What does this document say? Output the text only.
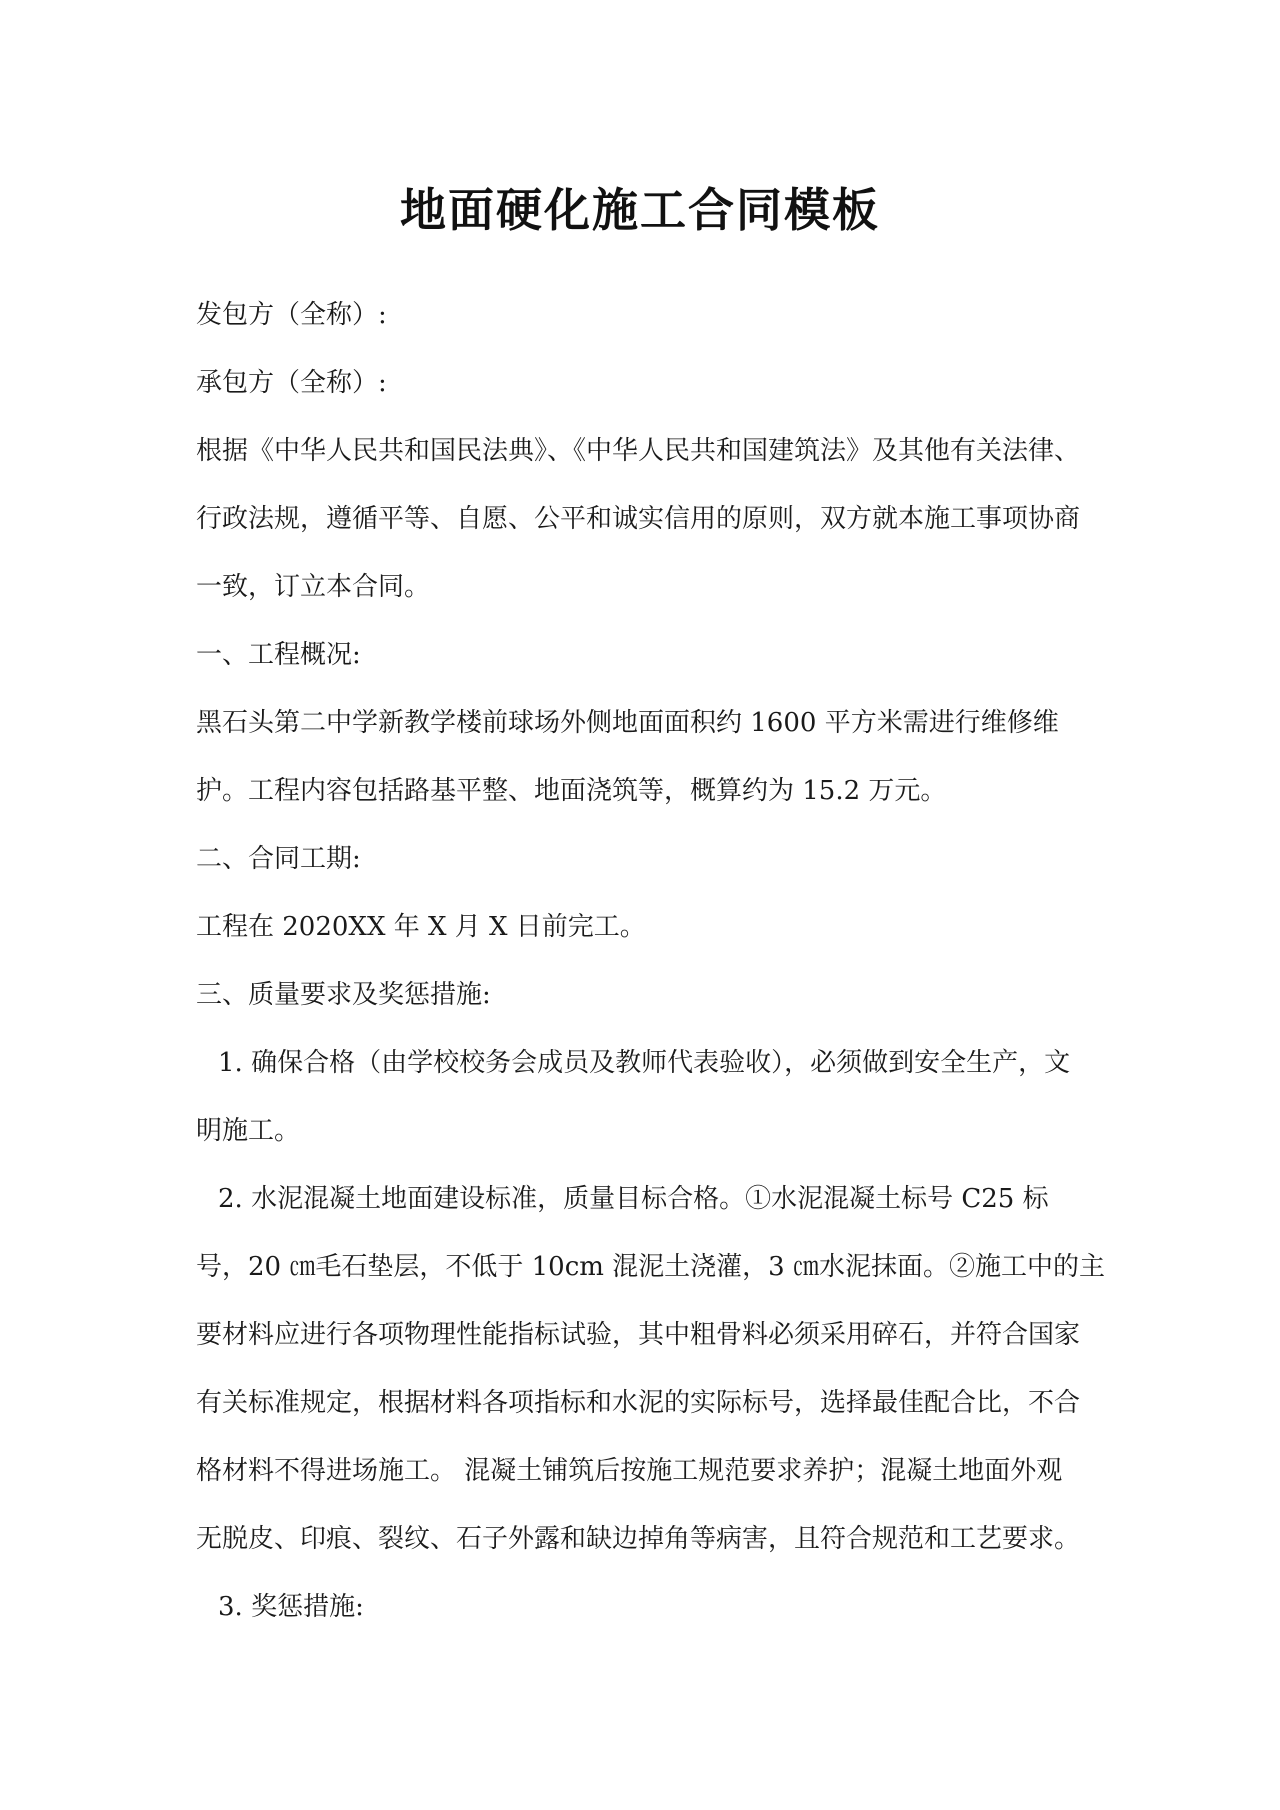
地面硬化施工合同模板
发包方（全称）:
承包方（全称）:
根据《中华人民共和国民法典》、《中华人民共和国建筑法》及其他有关法律、
行政法规，遵循平等、自愿、公平和诚实信用的原则，双方就本施工事项协商
一致，订立本合同。
一、工程概况:
黑石头第二中学新教学楼前球场外侧地面面积约 1600 平方米需进行维修维
护。工程内容包括路基平整、地面浇筑等，概算约为 15.2 万元。
二、合同工期:
工程在 2020XX 年 X 月 X 日前完工。
三、质量要求及奖惩措施:
1. 确保合格（由学校校务会成员及教师代表验收），必须做到安全生产，文
明施工。
2. 水泥混凝土地面建设标准，质量目标合格。①水泥混凝土标号 C25 标
号，20 ㎝毛石垫层，不低于 10cm 混泥土浇灌，3 ㎝水泥抹面。②施工中的主
要材料应进行各项物理性能指标试验，其中粗骨料必须采用碎石，并符合国家
有关标准规定，根据材料各项指标和水泥的实际标号，选择最佳配合比，不合
格材料不得进场施工。 混凝土铺筑后按施工规范要求养护；混凝土地面外观
无脱皮、印痕、裂纹、石子外露和缺边掉角等病害，且符合规范和工艺要求。
3. 奖惩措施:
